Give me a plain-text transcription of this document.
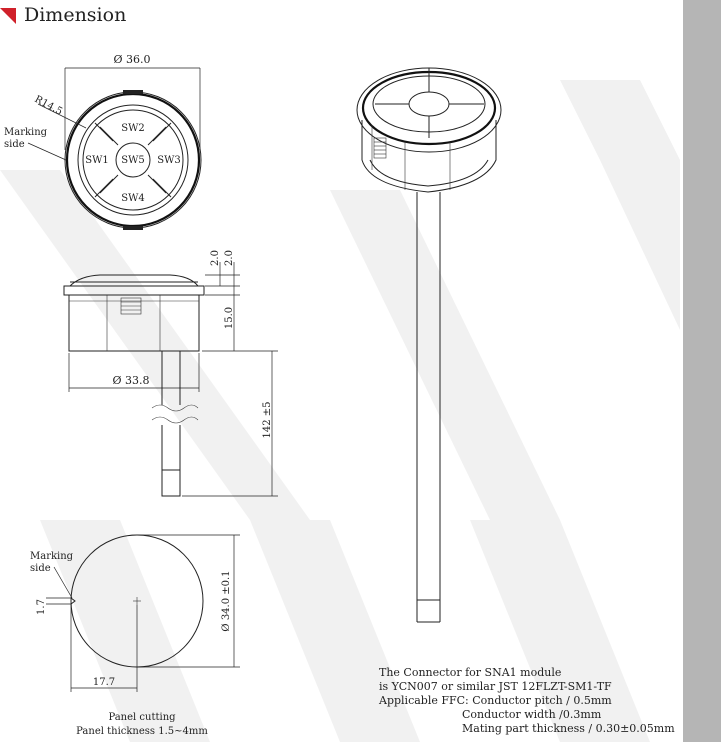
Dimension
Ø 36.0
SW2
SW1 SW5 SW3
SW4
R14.5
Marking
side
2.0 2.0
15.0
142 ±5
Ø 33.8
1.7
Marking
side
Ø 34.0 ±0.1
17.7
Panel cutting
Panel thickness 1.5~4mm
The Connector for SNA1 module
is YCN007 or similar JST 12FLZT-SM1-TF
Applicable FFC: Conductor pitch / 0.5mm
Conductor width /0.3mm
Mating part thickness / 0.30±0.05mm
